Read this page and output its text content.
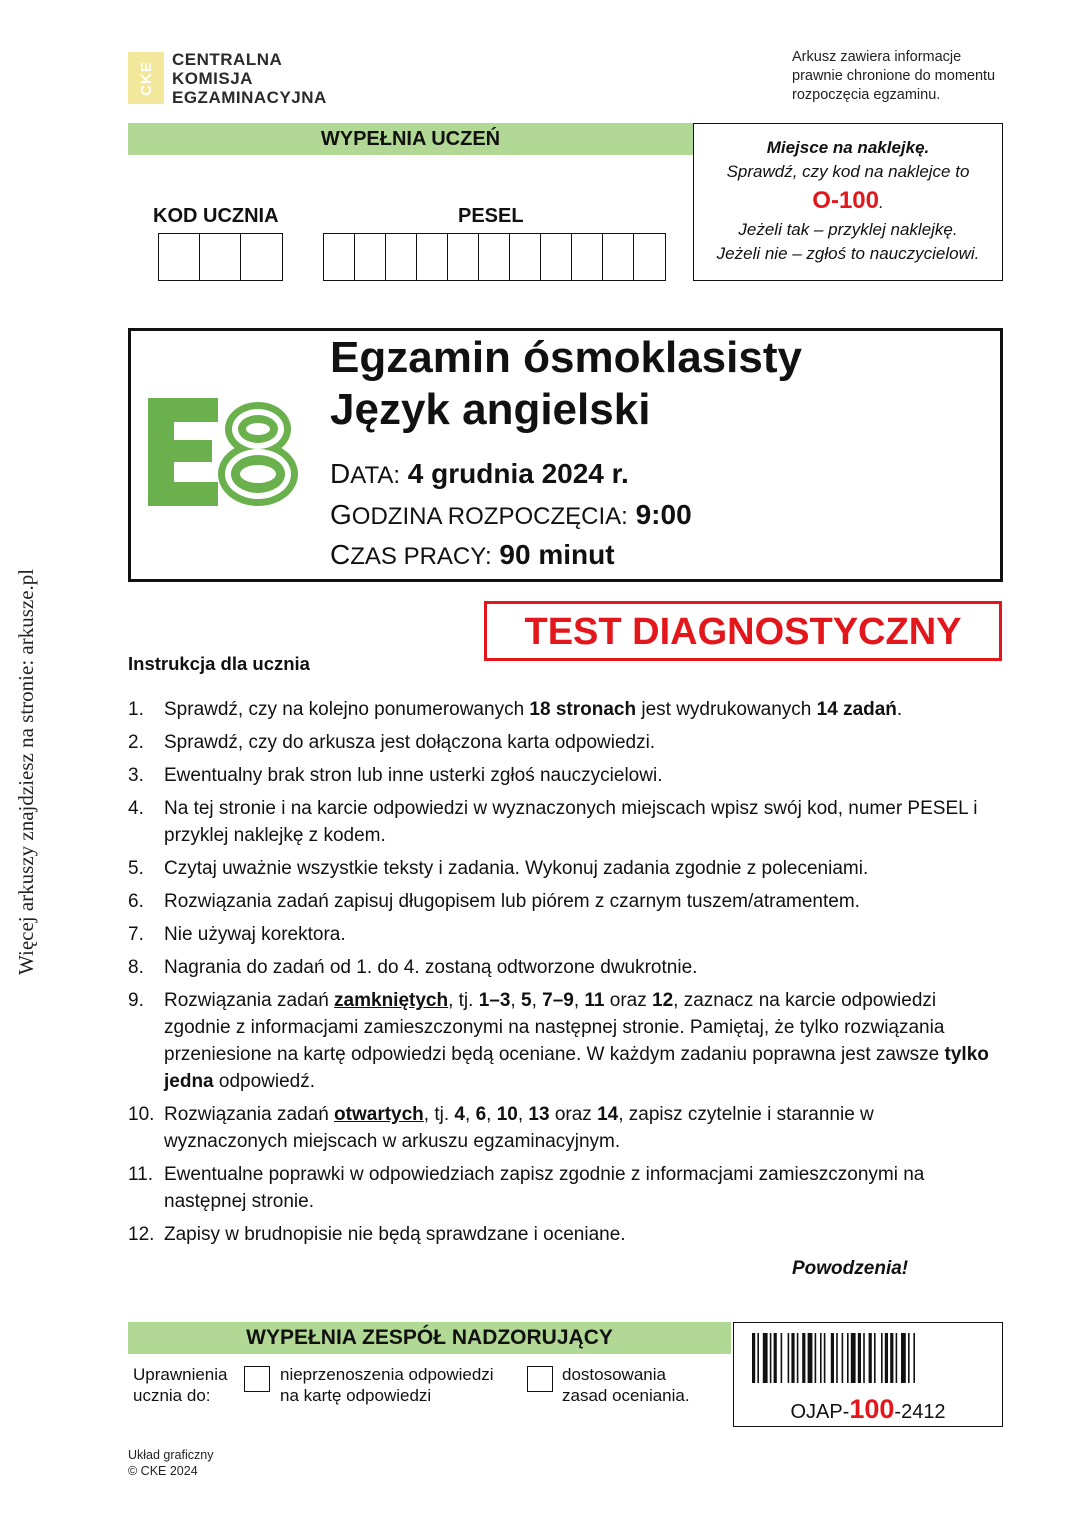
Więcej arkuszy znajdziesz na stronie: arkusze.pl
CKE
CENTRALNA
KOMISJA
EGZAMINACYJNA
Arkusz zawiera informacje
prawnie chronione do momentu
rozpoczęcia egzaminu.
WYPEŁNIA UCZEŃ
KOD UCZNIA	PESEL
Miejsce na naklejkę.
Sprawdź, czy kod na naklejce to
O-100.
Jeżeli tak – przyklej naklejkę.
Jeżeli nie – zgłoś to nauczycielowi.
Egzamin ósmoklasisty
Język angielski
DATA: 4 grudnia 2024 r.
GODZINA ROZPOCZĘCIA: 9:00
CZAS PRACY: 90 minut
TEST DIAGNOSTYCZNY
Instrukcja dla ucznia
1.	Sprawdź, czy na kolejno ponumerowanych 18 stronach jest wydrukowanych 14 zadań.
2.	Sprawdź, czy do arkusza jest dołączona karta odpowiedzi.
3.	Ewentualny brak stron lub inne usterki zgłoś nauczycielowi.
4.	Na tej stronie i na karcie odpowiedzi w wyznaczonych miejscach wpisz swój kod, numer PESEL i przyklej naklejkę z kodem.
5.	Czytaj uważnie wszystkie teksty i zadania. Wykonuj zadania zgodnie z poleceniami.
6.	Rozwiązania zadań zapisuj długopisem lub piórem z czarnym tuszem/atramentem.
7.	Nie używaj korektora.
8.	Nagrania do zadań od 1. do 4. zostaną odtworzone dwukrotnie.
9.	Rozwiązania zadań zamkniętych, tj. 1–3, 5, 7–9, 11 oraz 12, zaznacz na karcie odpowiedzi zgodnie z informacjami zamieszczonymi na następnej stronie. Pamiętaj, że tylko rozwiązania przeniesione na kartę odpowiedzi będą oceniane. W każdym zadaniu poprawna jest zawsze tylko jedna odpowiedź.
10. Rozwiązania zadań otwartych, tj. 4, 6, 10, 13 oraz 14, zapisz czytelnie i starannie w wyznaczonych miejscach w arkuszu egzaminacyjnym.
11. Ewentualne poprawki w odpowiedziach zapisz zgodnie z informacjami zamieszczonymi na następnej stronie.
12. Zapisy w brudnopisie nie będą sprawdzane i oceniane.
Powodzenia!
WYPEŁNIA ZESPÓŁ NADZORUJĄCY
Uprawnienia
ucznia do:
nieprzenoszenia odpowiedzi
na kartę odpowiedzi
dostosowania
zasad oceniania.
OJAP-100-2412
Układ graficzny
© CKE 2024
